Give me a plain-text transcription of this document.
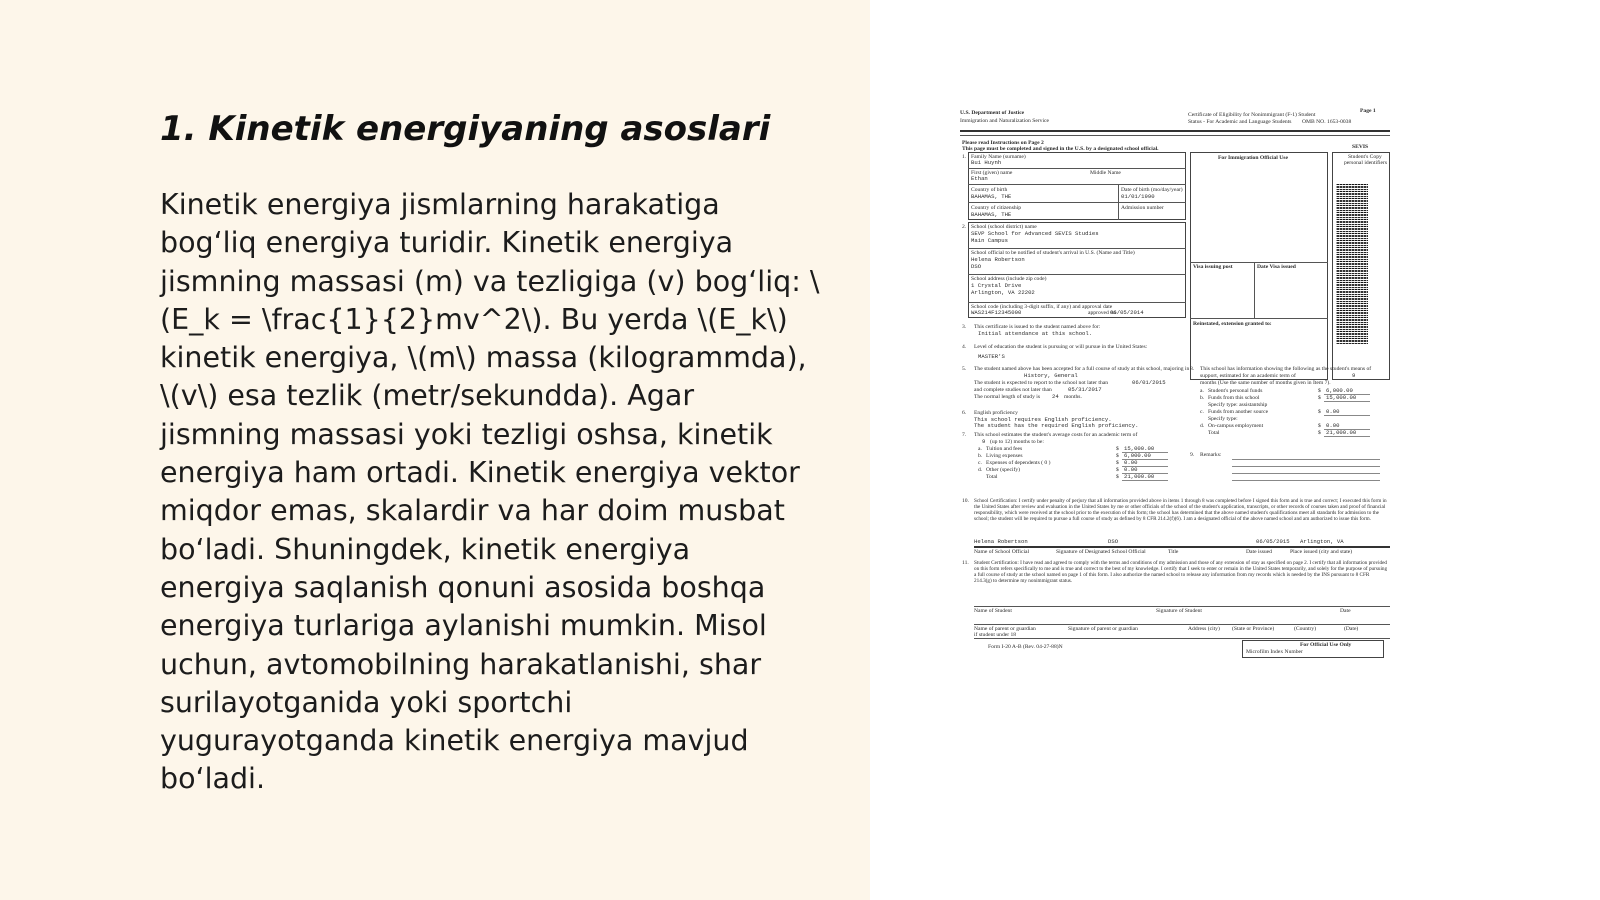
1. Kinetik energiyaning asoslari
Kinetik energiya jismlarning harakatiga
bog‘liq energiya turidir. Kinetik energiya
jismning massasi (m) va tezligiga (v) bog‘liq: \
(E_k = \frac{1}{2}mv^2\). Bu yerda \(E_k\)
kinetik energiya, \(m\) massa (kilogrammda),
\(v\) esa tezlik (metr/sekundda). Agar
jismning massasi yoki tezligi oshsa, kinetik
energiya ham ortadi. Kinetik energiya vektor
miqdor emas, skalardir va har doim musbat
bo‘ladi. Shuningdek, kinetik energiya
energiya saqlanish qonuni asosida boshqa
energiya turlariga aylanishi mumkin. Misol
uchun, avtomobilning harakatlanishi, shar
surilayotganida yoki sportchi
yugurayotganda kinetik energiya mavjud
bo‘ladi.
U.S. Department of Justice
Immigration and Naturalization Service
Certificate of Eligibility for Nonimmigrant (F-1) Student
Status - For Academic and Language Students OMB NO. 1653-0038
Page 1
Please read Instructions on Page 2
This page must be completed and signed in the U.S. by a designated school official.	SEVIS
1. Family Name (surname)
Bui Huynh
First (given) name	Middle Name
Ethan
Country of birth
BAHAMAS, THE
Date of birth (mo/day/year)
01/01/1990
Country of citizenship
BAHAMAS, THE
Admission number
2. School (school district) name
SEVP School for Advanced SEVIS Studies
Main Campus
School official to be notified of student's arrival in U.S. (Name and Title)
Helena Robertson
DSO
School address (include zip code)
1 Crystal Drive
Arlington, VA 22202
School code (including 3-digit suffix, if any) and approval date
WAS214F12345000	approved on
06/05/2014
For Immigration Official Use
Visa issuing post	Date Visa issued
Reinstated, extension granted to:
Student's Copy
personal identifiers
3. This certificate is issued to the student named above for:
Initial attendance at this school.
4. Level of education the student is pursuing or will pursue in the United States:
MASTER'S
5. The student named above has been accepted for a full course of study at this school, majoring in
History, General
The student is expected to report to the school not later than	06/01/2015
and complete studies not later than	05/31/2017
The normal length of study is 24 months.
6. English proficiency
This school requires English proficiency.
The student has the required English proficiency.
7. This school estimates the student's average costs for an academic term of
9 (up to 12) months to be:
a. Tuition and fees	$ 15,000.00
b. Living expenses	$ 6,000.00
c. Expenses of dependents ( 0 )	$ 0.00
d. Other (specify)	$ 0.00
Total	$ 21,000.00
8. This school has information showing the following as the student's means of support, estimated for an academic term of	9
months (Use the same number of months given in Item 7).
a. Student's personal funds	$ 6,000.00
b. Funds from this school	$ 15,000.00
Specify type: assistantship
c. Funds from another source	$ 0.00
Specify type:
d. On-campus employment	$ 0.00
Total	$ 21,000.00
9. Remarks:
10. School Certification: I certify under penalty of perjury that all information provided above in items 1 through 8 was completed before I signed this form and is true and correct; I executed this form in the United States after review and evaluation in the United States by me or other officials of the school of the student's application, transcripts, or other records of courses taken and proof of financial responsibility, which were received at the school prior to the execution of this form; the school has determined that the above named student's qualifications meet all standards for admission to the school; the student will be required to pursue a full course of study as defined by 8 CFR 214.2(f)(6). I am a designated official of the above named school and am authorized to issue this form.
Helena Robertson	DSO	06/05/2015 Arlington, VA
Name of School Official	Signature of Designated School Official	Title	Date issued	Place issued (city and state)
11. Student Certification: I have read and agreed to comply with the terms and conditions of my admission and those of any extension of stay as specified on page 2. I certify that all information provided on this form refers specifically to me and is true and correct to the best of my knowledge. I certify that I seek to enter or remain in the United States temporarily, and solely for the purpose of pursuing a full course of study at the school named on page 1 of this form. I also authorize the named school to release any information from my records which is needed by the INS pursuant to 8 CFR 214.3(g) to determine my nonimmigrant status.
Name of Student	Signature of Student	Date
Name of parent or guardian	Signature of parent or guardian	Address (city) (State or Province)	(Country)	(Date)
if student under 18
Form I-20 A-B (Rev. 04-27-88)N	For Official Use Only
Microfilm Index Number
